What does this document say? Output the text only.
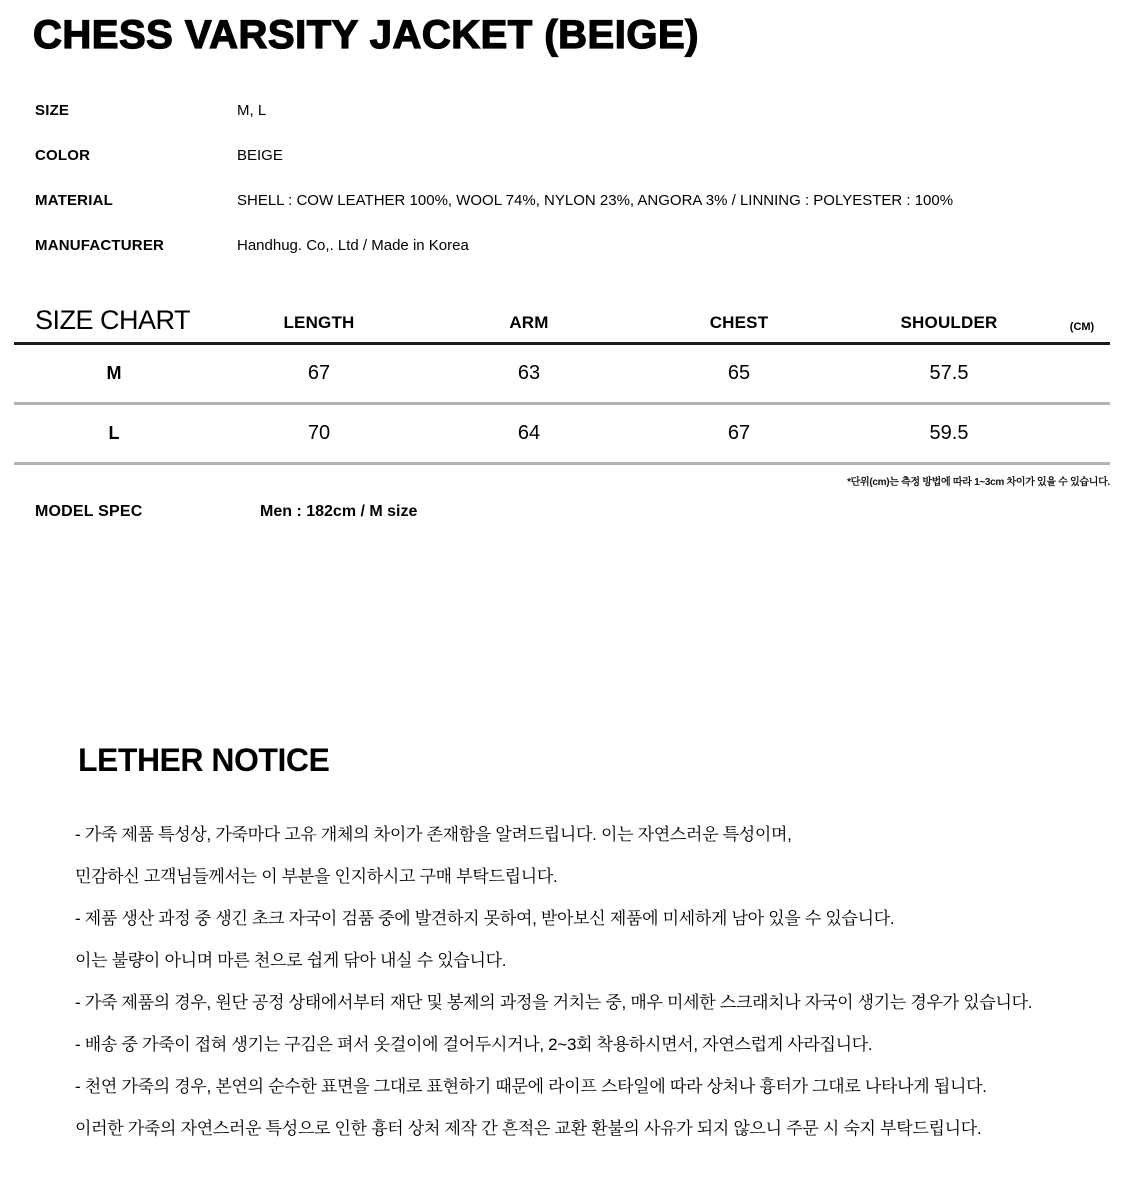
CHESS VARSITY JACKET (BEIGE)
SIZE	M, L
COLOR	BEIGE
MATERIAL	SHELL : COW LEATHER 100%, WOOL 74%, NYLON 23%, ANGORA 3% / LINNING : POLYESTER : 100%
MANUFACTURER	Handhug. Co,. Ltd / Made in Korea
SIZE CHART	LENGTH	ARM	CHEST	SHOULDER	(CM)
M	67	63	65	57.5
L	70	64	67	59.5
*단위(cm)는 측정 방법에 따라 1~3cm 차이가 있을 수 있습니다.
MODEL SPEC	Men : 182cm / M size
LETHER NOTICE

- 가죽 제품 특성상, 가죽마다 고유 개체의 차이가 존재함을 알려드립니다. 이는 자연스러운 특성이며,

민감하신 고객님들께서는 이 부분을 인지하시고 구매 부탁드립니다.

- 제품 생산 과정 중 생긴 초크 자국이 검품 중에 발견하지 못하여, 받아보신 제품에 미세하게 남아 있을 수 있습니다.

이는 불량이 아니며 마른 천으로 쉽게 닦아 내실 수 있습니다.

- 가죽 제품의 경우, 원단 공정 상태에서부터 재단 및 봉제의 과정을 거치는 중, 매우 미세한 스크래치나 자국이 생기는 경우가 있습니다.

- 배송 중 가죽이 접혀 생기는 구김은 펴서 옷걸이에 걸어두시거나, 2~3회 착용하시면서, 자연스럽게 사라집니다.

- 천연 가죽의 경우, 본연의 순수한 표면을 그대로 표현하기 때문에 라이프 스타일에 따라 상처나 흉터가 그대로 나타나게 됩니다.

이러한 가죽의 자연스러운 특성으로 인한 흉터 상처 제작 간 흔적은 교환 환불의 사유가 되지 않으니 주문 시 숙지 부탁드립니다.
